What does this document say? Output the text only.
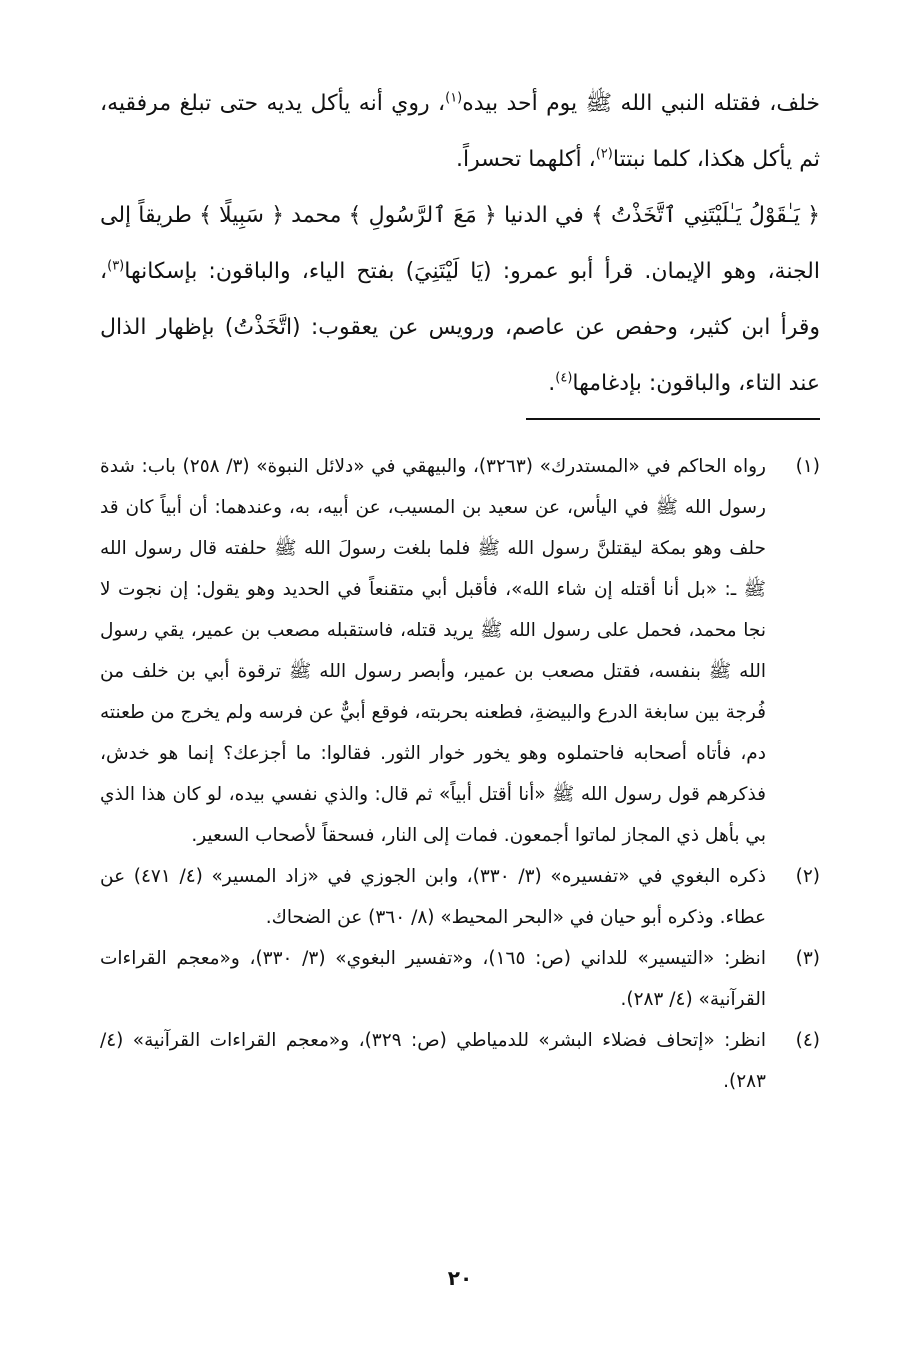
خلف، فقتله النبي الله ﷺ يوم أحد بيده$^{(١)}$، روي أنه يأكل يديه حتى تبلغ مرفقيه، ثم يأكل هكذا، كلما نبتتا$^{(٢)}$، أكلهما تحسراً.

﴿ يَـٰقَوْلُ يَـٰلَيْتَنِي ٱتَّخَذْتُ ﴾ في الدنيا ﴿ مَعَ ٱلرَّسُولِ ﴾ محمد ﴿ سَبِيلًا ﴾ طريقاً إلى الجنة، وهو الإيمان. قرأ أبو عمرو: (يَا لَيْتَنِيَ) بفتح الياء، والباقون: بإسكانها$^{(٣)}$، وقرأ ابن كثير، وحفص عن عاصم، ورويس عن يعقوب: (اتَّخَذْتُ) بإظهار الذال عند التاء، والباقون: بإدغامها$^{(٤)}$.

(١)
رواه الحاكم في «المستدرك» (٣٢٦٣)، والبيهقي في «دلائل النبوة» (٣/ ٢٥٨) باب: شدة رسول الله ﷺ في اليأس، عن سعيد بن المسيب، عن أبيه، به، وعندهما: أن أبياً كان قد حلف وهو بمكة ليقتلنَّ رسول الله ﷺ فلما بلغت رسولَ الله ﷺ حلفته قال رسول الله ﷺ ـ: «بل أنا أقتله إن شاء الله»، فأقبل أبي متقنعاً في الحديد وهو يقول: إن نجوت لا نجا محمد، فحمل على رسول الله ﷺ يريد قتله، فاستقبله مصعب بن عمير، يقي رسول الله ﷺ بنفسه، فقتل مصعب بن عمير، وأبصر رسول الله ﷺ ترقوة أبي بن خلف من فُرجة بين سابغة الدرع والبيضةِ، فطعنه بحربته، فوقع أبيٌّ عن فرسه ولم يخرج من طعنته دم، فأتاه أصحابه فاحتملوه وهو يخور خوار الثور. فقالوا: ما أجزعك؟ إنما هو خدش، فذكرهم قول رسول الله ﷺ «أنا أقتل أبياً» ثم قال: والذي نفسي بيده، لو كان هذا الذي بي بأهل ذي المجاز لماتوا أجمعون. فمات إلى النار، فسحقاً لأصحاب السعير.
(٢)
ذكره البغوي في «تفسيره» (٣/ ٣٣٠)، وابن الجوزي في «زاد المسير» (٤/ ٤٧١) عن عطاء. وذكره أبو حيان في «البحر المحيط» (٨/ ٣٦٠) عن الضحاك.
(٣)
انظر: «التيسير» للداني (ص: ١٦٥)، و«تفسير البغوي» (٣/ ٣٣٠)، و«معجم القراءات القرآنية» (٤/ ٢٨٣).
(٤)
انظر: «إتحاف فضلاء البشر» للدمياطي (ص: ٣٢٩)، و«معجم القراءات القرآنية» (٤/ ٢٨٣).
٢٠
